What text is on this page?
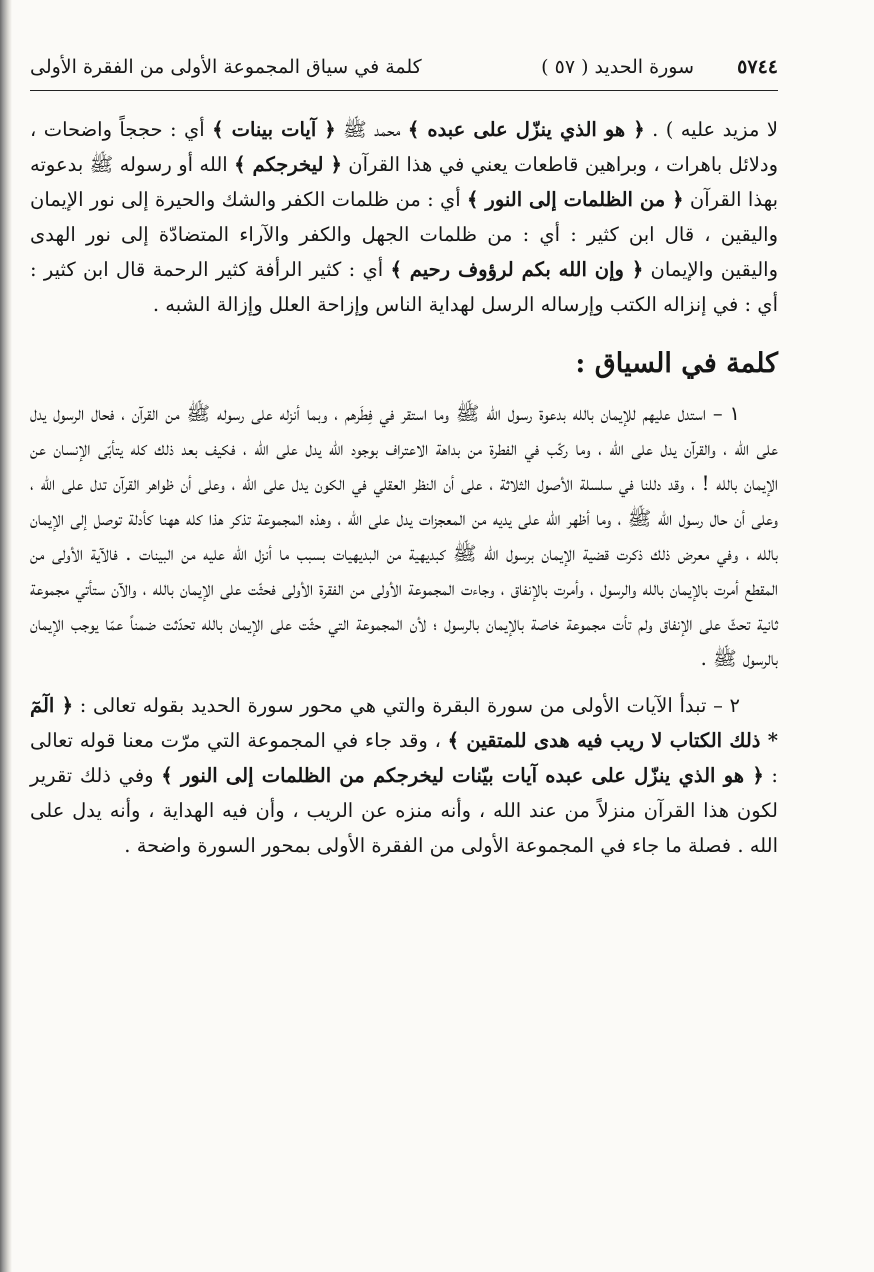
٥٧٤٤
سورة الحديد ( ٥٧ )
كلمة في سياق المجموعة الأولى من الفقرة الأولى

لا مزيد عليه ) . ﴿ هو الذي ينزّل على عبده ﴾ محمد ﷺ ﴿ آيات بينات ﴾ أي : حججاً واضحات ، ودلائل باهرات ، وبراهين قاطعات يعني في هذا القرآن ﴿ ليخرجكم ﴾ الله أو رسوله ﷺ بدعوته بهذا القرآن ﴿ من الظلمات إلى النور ﴾ أي : من ظلمات الكفر والشك والحيرة إلى نور الإيمان واليقين ، قال ابن كثير : أي : من ظلمات الجهل والكفر والآراء المتضادّة إلى نور الهدى واليقين والإيمان ﴿ وإن الله بكم لرؤوف رحيم ﴾ أي : كثير الرأفة كثير الرحمة قال ابن كثير : أي : في إنزاله الكتب وإرساله الرسل لهداية الناس وإزاحة العلل وإزالة الشبه .

كلمة في السياق :

١ – استدل عليهم للإيمان بالله بدعوة رسول الله ﷺ وما استقر في فِطَرهم ، وبما أنزله على رسوله ﷺ من القرآن ، فحال الرسول يدل على الله ، والقرآن يدل على الله ، وما ركّب في الفطرة من بداهة الاعتراف بوجود الله يدل على الله ، فكيف بعد ذلك كله يتأبّى الإنسان عن الإيمان بالله ! ، وقد دللنا في سلسلة الأصول الثلاثة ، على أن النظر العقلي في الكون يدل على الله ، وعلى أن ظواهر القرآن تدل على الله ، وعلى أن حال رسول الله ﷺ ، وما أظهر الله على يديه من المعجزات يدل على الله ، وهذه المجموعة تذكر هذا كله ههنا كأدلة توصل إلى الإيمان بالله ، وفي معرض ذلك ذكرت قضية الإيمان برسول الله ﷺ كبديهية من البديهيات بسبب ما أنزل الله عليه من البينات . فالآية الأولى من المقطع أمرت بالإيمان بالله والرسول ، وأمرت بالإنفاق ، وجاءت المجموعة الأولى من الفقرة الأولى فحثّت على الإيمان بالله ، والآن ستأتي مجموعة ثانية تحثّ على الإنفاق ولم تأت مجموعة خاصة بالإيمان بالرسول ؛ لأن المجموعة التي حثّت على الإيمان بالله تحدّثت ضمناً عمّا يوجب الإيمان بالرسول ﷺ .

٢ – تبدأ الآيات الأولى من سورة البقرة والتي هي محور سورة الحديد بقوله تعالى : ﴿ الٓمٓ * ذلك الكتاب لا ريب فيه هدى للمتقين ﴾ ، وقد جاء في المجموعة التي مرّت معنا قوله تعالى : ﴿ هو الذي ينزّل على عبده آيات بيّنات ليخرجكم من الظلمات إلى النور ﴾ وفي ذلك تقرير لكون هذا القرآن منزلاً من عند الله ، وأنه منزه عن الريب ، وأن فيه الهداية ، وأنه يدل على الله . فصلة ما جاء في المجموعة الأولى من الفقرة الأولى بمحور السورة واضحة .
